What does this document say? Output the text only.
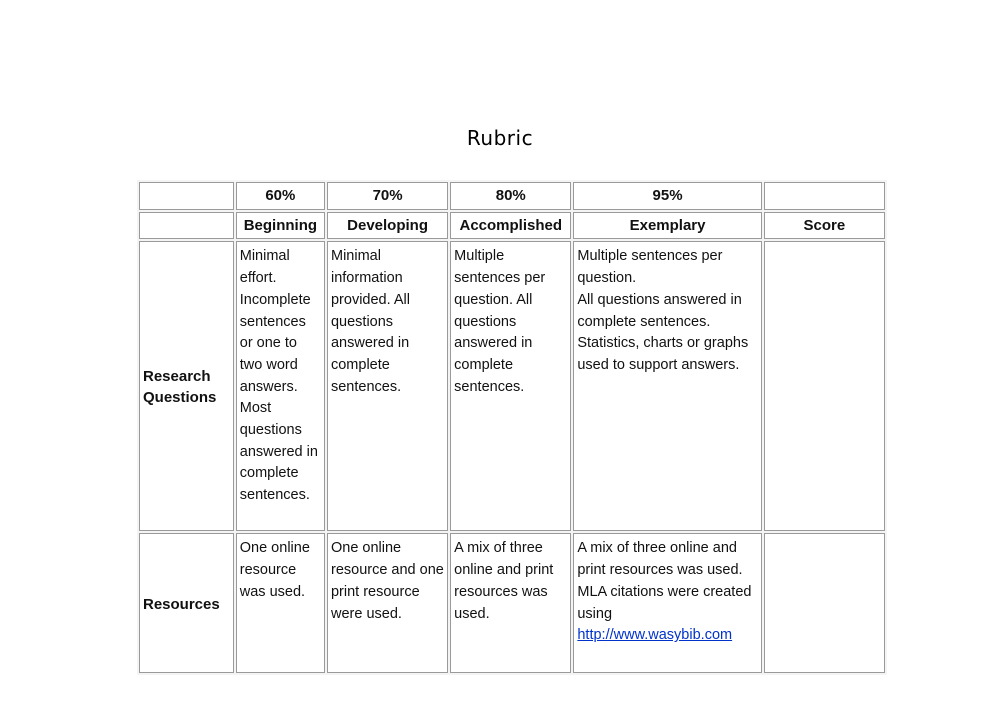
Rubric
	60%	70%	80%	95%	
	Beginning	Developing	Accomplished	Exemplary	Score
Research Questions	Minimal effort. Incomplete sentences or one to two word answers. Most questions answered in complete sentences.	Minimal information provided. All questions answered in complete sentences.	Multiple sentences per question. All questions answered in complete sentences.	Multiple sentences per question.
All questions answered in complete sentences. Statistics, charts or graphs used to support answers.	
Resources	One online resource was used.	One online resource and one print resource were used.	A mix of three online and print resources was used.	A mix of three online and print resources was used. MLA citations were created using
http://www.wasybib.com	
